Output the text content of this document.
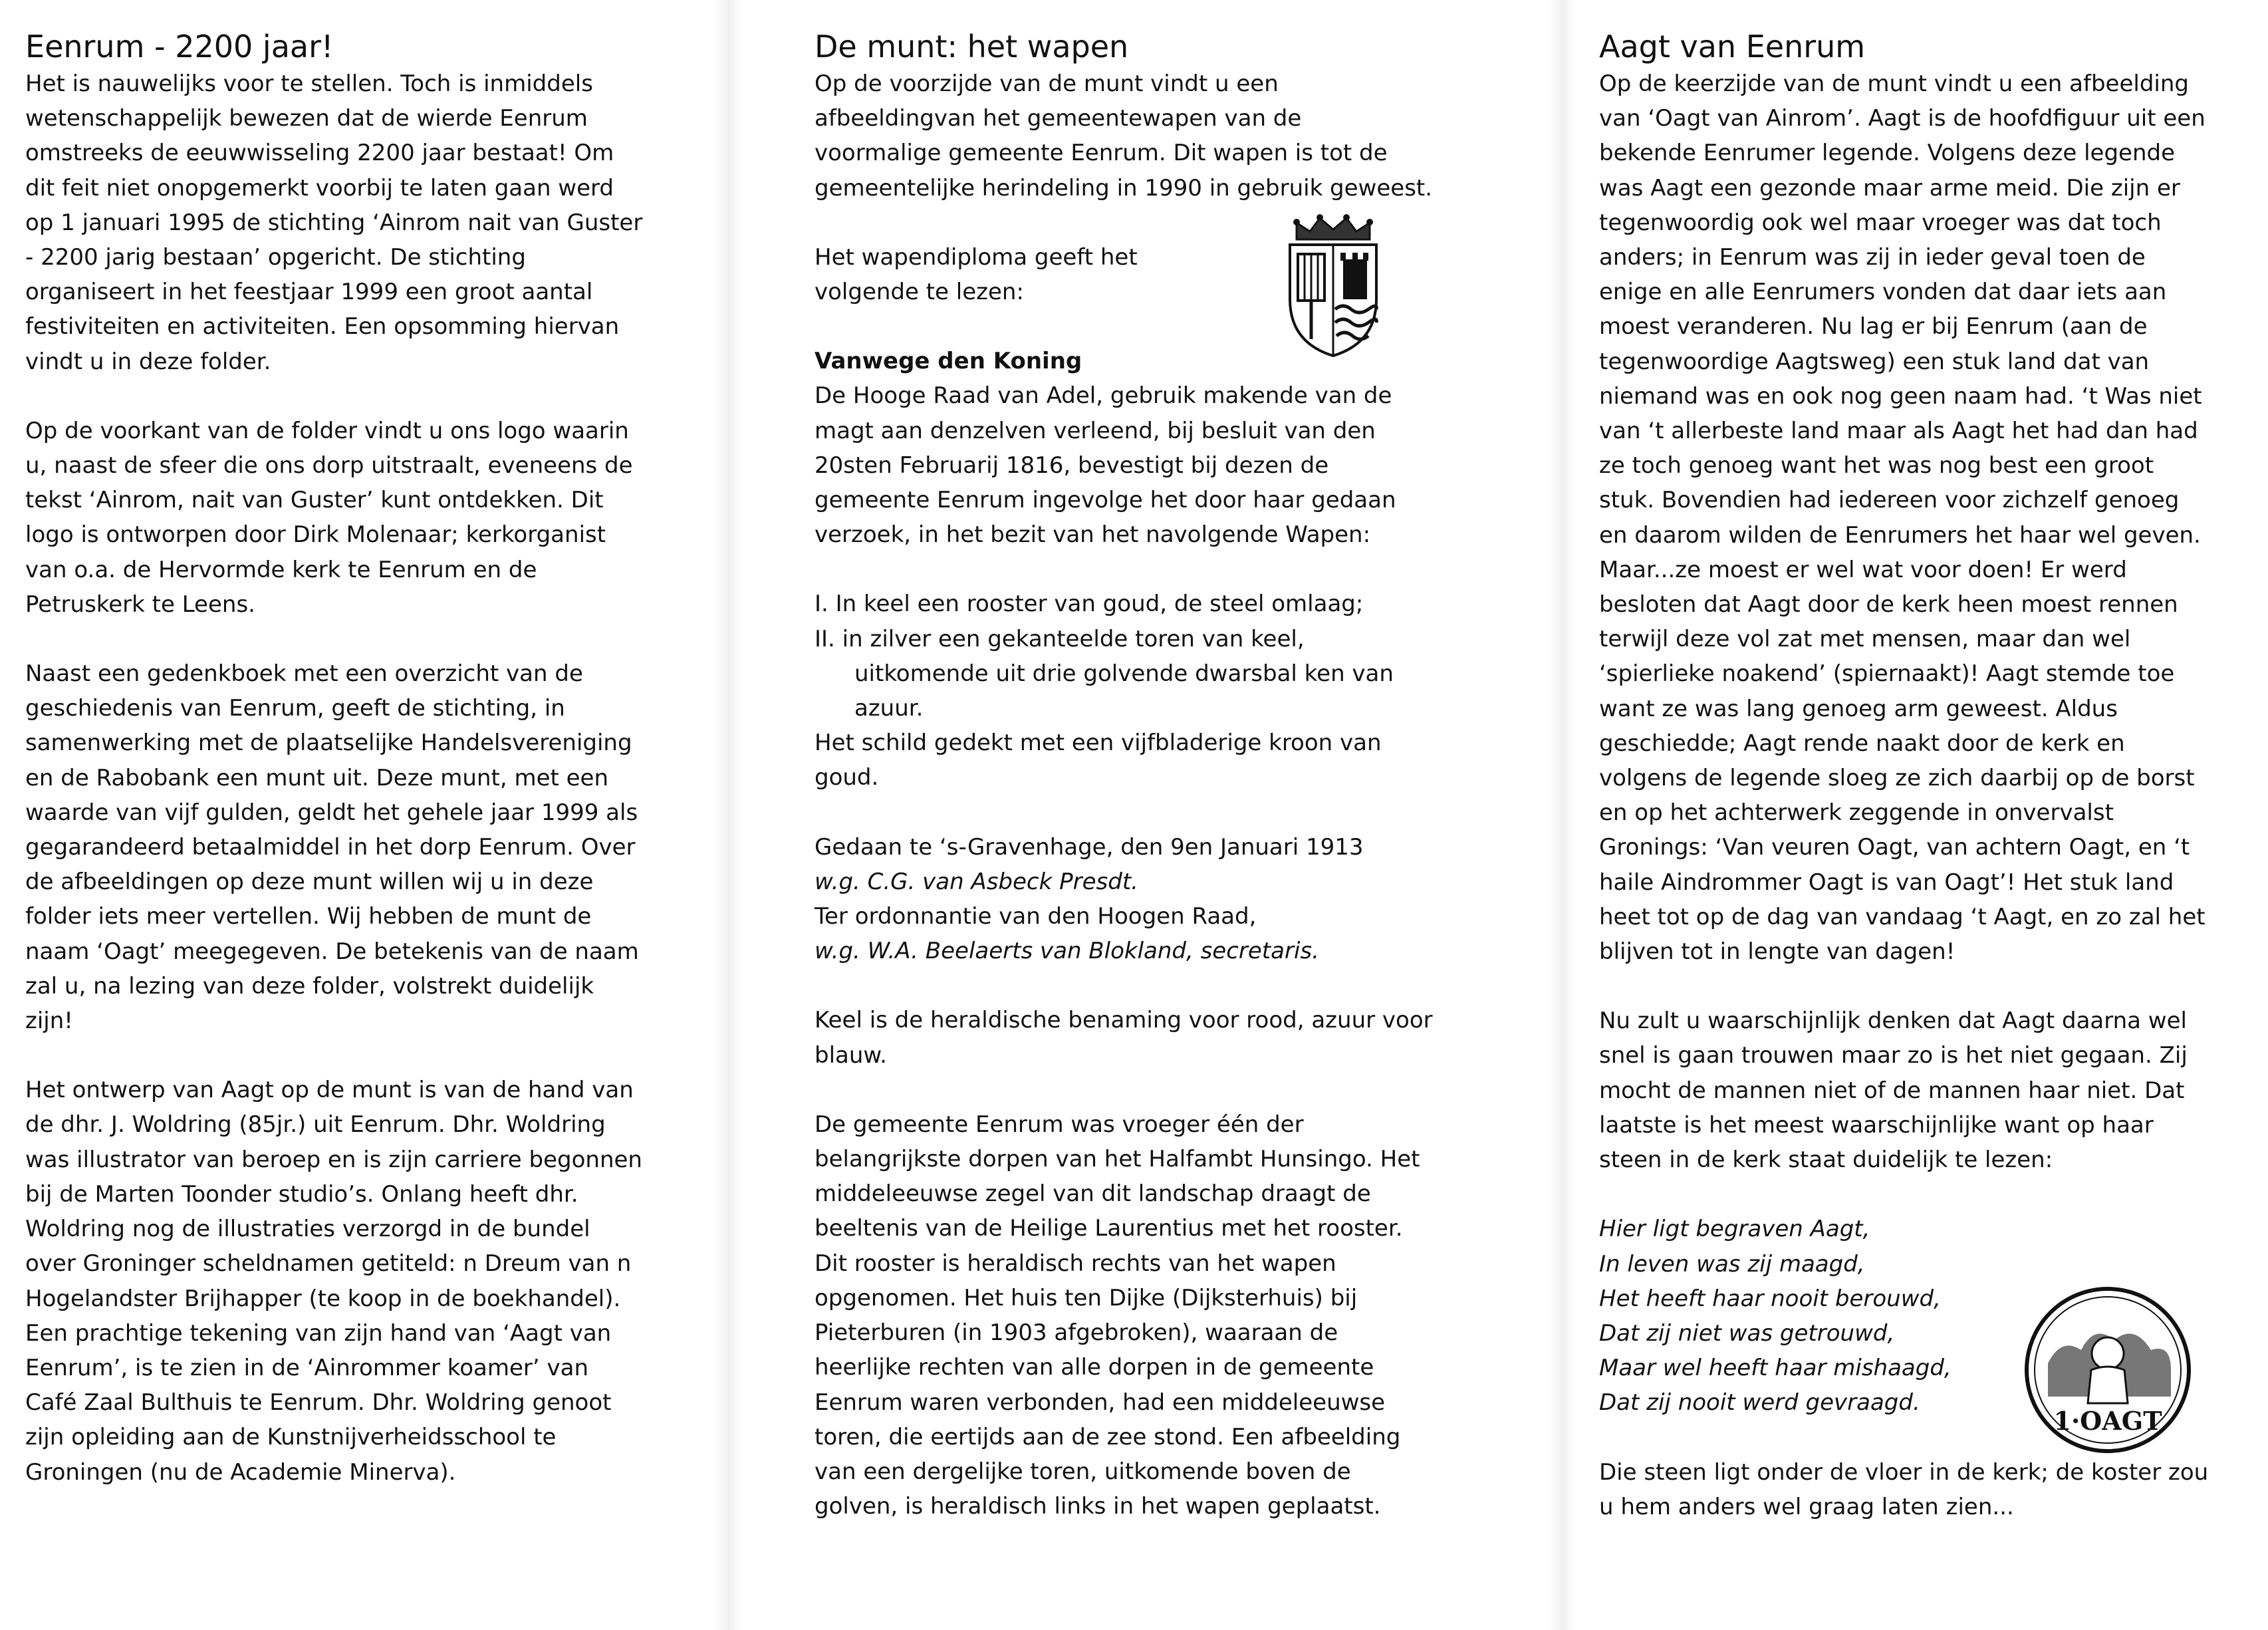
Eenrum - 2200 jaar!

Het is nauwelijks voor te stellen. Toch is inmiddels wetenschappelijk bewezen dat de wierde Eenrum omstreeks de eeuwwisseling 2200 jaar bestaat! Om dit feit niet onopgemerkt voorbij te laten gaan werd op 1 januari 1995 de stichting ‘Ainrom nait van Guster - 2200 jarig bestaan’ opgericht. De stichting organiseert in het feestjaar 1999 een groot aantal festiviteiten en activiteiten. Een opsomming hiervan vindt u in deze folder.

Op de voorkant van de folder vindt u ons logo waarin u, naast de sfeer die ons dorp uitstraalt, eveneens de tekst ‘Ainrom, nait van Guster’ kunt ontdekken. Dit logo is ontworpen door Dirk Molenaar; kerkorganist van o.a. de Hervormde kerk te Eenrum en de Petruskerk te Leens.

Naast een gedenkboek met een overzicht van de geschiedenis van Eenrum, geeft de stichting, in samenwerking met de plaatselijke Handelsvereniging en de Rabobank een munt uit. Deze munt, met een waarde van vijf gulden, geldt het gehele jaar 1999 als gegarandeerd betaalmiddel in het dorp Eenrum. Over de afbeeldingen op deze munt willen wij u in deze folder iets meer vertellen. Wij hebben de munt de naam ‘Oagt’ meegegeven. De betekenis van de naam zal u, na lezing van deze folder, volstrekt duidelijk zijn!

Het ontwerp van Aagt op de munt is van de hand van de dhr. J. Woldring (85jr.) uit Eenrum. Dhr. Woldring was illustrator van beroep en is zijn carriere begonnen bij de Marten Toonder studio’s. Onlang heeft dhr. Woldring nog de illustraties verzorgd in de bundel over Groninger scheldnamen getiteld: n Dreum van n Hogelandster Brijhapper (te koop in de boekhandel). Een prachtige tekening van zijn hand van ‘Aagt van Eenrum’, is te zien in de ‘Ainrommer koamer’ van Café Zaal Bulthuis te Eenrum. Dhr. Woldring genoot zijn opleiding aan de Kunstnijverheidsschool te Groningen (nu de Academie Minerva).

De munt: het wapen

Op de voorzijde van de munt vindt u een afbeeldingvan het gemeentewapen van de voormalige gemeente Eenrum. Dit wapen is tot de gemeentelijke herindeling in 1990 in gebruik geweest.

Het wapendiploma geeft het volgende te lezen:

Vanwege den Koning

De Hooge Raad van Adel, gebruik makende van de magt aan denzelven verleend, bij besluit van den 20sten Februarij 1816, bevestigt bij dezen de gemeente Eenrum ingevolge het door haar gedaan verzoek, in het bezit van het navolgende Wapen:

I. In keel een rooster van goud, de steel omlaag;

II. in zilver een gekanteelde toren van keel, uitkomende uit drie golvende dwarsbal ken van azuur.

Het schild gedekt met een vijfbladerige kroon van goud.

Gedaan te ‘s-Gravenhage, den 9en Januari 1913

w.g. C.G. van Asbeck Presdt.

Ter ordonnantie van den Hoogen Raad,

w.g. W.A. Beelaerts van Blokland, secretaris.

Keel is de heraldische benaming voor rood, azuur voor blauw.

De gemeente Eenrum was vroeger één der belangrijkste dorpen van het Halfambt Hunsingo. Het middeleeuwse zegel van dit landschap draagt de beeltenis van de Heilige Laurentius met het rooster. Dit rooster is heraldisch rechts van het wapen opgenomen. Het huis ten Dijke (Dijksterhuis) bij Pieterburen (in 1903 afgebroken), waaraan de heerlijke rechten van alle dorpen in de gemeente Eenrum waren verbonden, had een middeleeuwse toren, die eertijds aan de zee stond. Een afbeelding van een dergelijke toren, uitkomende boven de golven, is heraldisch links in het wapen geplaatst.

Aagt van Eenrum

Op de keerzijde van de munt vindt u een afbeelding van ‘Oagt van Ainrom’. Aagt is de hoofdfiguur uit een bekende Eenrumer legende. Volgens deze legende was Aagt een gezonde maar arme meid. Die zijn er tegenwoordig ook wel maar vroeger was dat toch anders; in Eenrum was zij in ieder geval toen de enige en alle Eenrumers vonden dat daar iets aan moest veranderen. Nu lag er bij Eenrum (aan de tegenwoordige Aagtsweg) een stuk land dat van niemand was en ook nog geen naam had. ‘t Was niet van ‘t allerbeste land maar als Aagt het had dan had ze toch genoeg want het was nog best een groot stuk. Bovendien had iedereen voor zichzelf genoeg en daarom wilden de Eenrumers het haar wel geven. Maar...ze moest er wel wat voor doen! Er werd besloten dat Aagt door de kerk heen moest rennen terwijl deze vol zat met mensen, maar dan wel ‘spierlieke noakend’ (spiernaakt)! Aagt stemde toe want ze was lang genoeg arm geweest. Aldus geschiedde; Aagt rende naakt door de kerk en volgens de legende sloeg ze zich daarbij op de borst en op het achterwerk zeggende in onvervalst Gronings: ‘Van veuren Oagt, van achtern Oagt, en ‘t haile Aindrommer Oagt is van Oagt’! Het stuk land heet tot op de dag van vandaag ‘t Aagt, en zo zal het blijven tot in lengte van dagen!

Nu zult u waarschijnlijk denken dat Aagt daarna wel snel is gaan trouwen maar zo is het niet gegaan. Zij mocht de mannen niet of de mannen haar niet. Dat laatste is het meest waarschijnlijke want op haar steen in de kerk staat duidelijk te lezen:

Hier ligt begraven Aagt,

In leven was zij maagd,

Het heeft haar nooit berouwd,

Dat zij niet was getrouwd,

Maar wel heeft haar mishaagd,

Dat zij nooit werd gevraagd.

Die steen ligt onder de vloer in de kerk; de koster zou u hem anders wel graag laten zien...

1·OAGT
